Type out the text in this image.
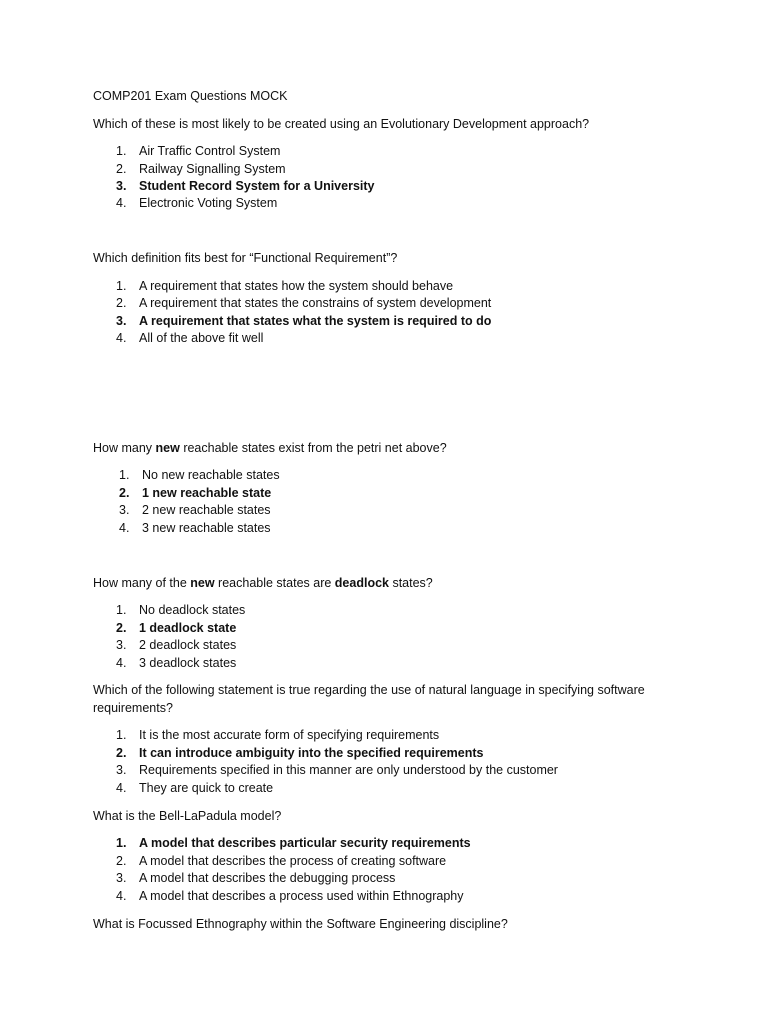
COMP201 Exam Questions MOCK
Which of these is most likely to be created using an Evolutionary Development approach?
1.	Air Traffic Control System
2.	Railway Signalling System
3.	Student Record System for a University
4.	Electronic Voting System
Which definition fits best for “Functional Requirement”?
1.	A requirement that states how the system should behave
2.	A requirement that states the constrains of system development
3.	A requirement that states what the system is required to do
4.	All of the above fit well
How many new reachable states exist from the petri net above?
1.	No new reachable states
2.	1 new reachable state
3.	2 new reachable states
4.	3 new reachable states
How many of the new reachable states are deadlock states?
1.	No deadlock states
2.	1 deadlock state
3.	2 deadlock states
4.	3 deadlock states
Which of the following statement is true regarding the use of natural language in specifying software requirements?
1.	It is the most accurate form of specifying requirements
2.	It can introduce ambiguity into the specified requirements
3.	Requirements specified in this manner are only understood by the customer
4.	They are quick to create
What is the Bell-LaPadula model?
1.	A model that describes particular security requirements
2.	A model that describes the process of creating software
3.	A model that describes the debugging process
4.	A model that describes a process used within Ethnography
What is Focussed Ethnography within the Software Engineering discipline?
